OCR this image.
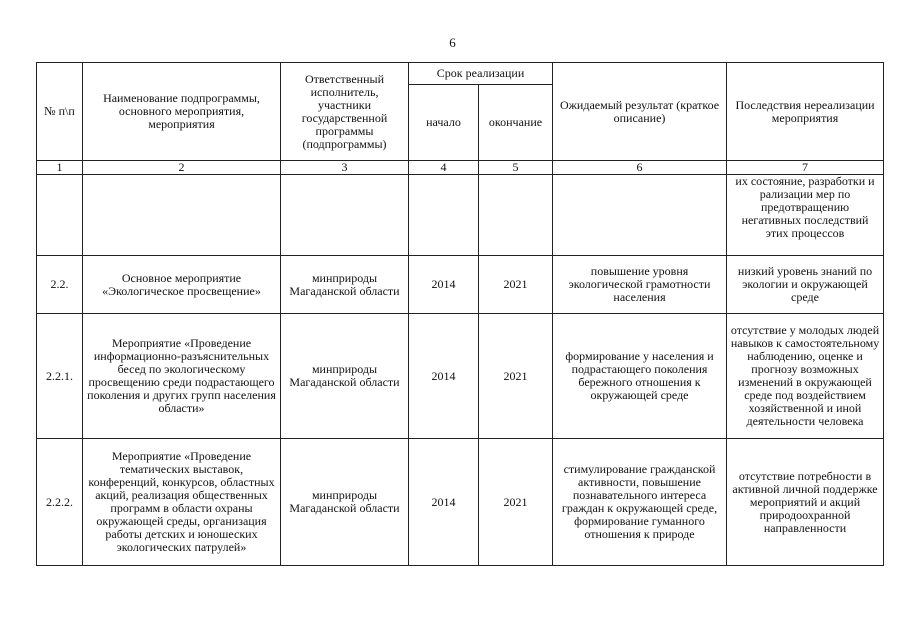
6
№ п\п	Наименование подпрограммы, основного мероприятия, мероприятия	Ответственный исполнитель, участники государственной программы (подпрограммы)	Срок реализации		Ожидаемый результат (краткое описание)	Последствия нереализации мероприятия
			начало	окончание		
1	2	3	4	5	6	7
						их состояние, разработки и рализации мер по предотвращению негативных последствий этих процессов
2.2.	Основное мероприятие «Экологическое просвещение»	минприроды Магаданской области	2014	2021	повышение уровня экологической грамотности населения	низкий уровень знаний по экологии и окружающей среде
2.2.1.	Мероприятие «Проведение информационно-разъяснительных бесед по экологическому просвещению среди подрастающего поколения и других групп населения области»	минприроды Магаданской области	2014	2021	формирование у населения и подрастающего поколения бережного отношения к окружающей среде	отсутствие у молодых людей навыков к самостоятельному наблюдению, оценке и прогнозу возможных изменений в окружающей среде под воздействием хозяйственной и иной деятельности человека
2.2.2.	Мероприятие «Проведение тематических выставок, конференций, конкурсов, областных акций, реализация общественных программ в области охраны окружающей среды, организация работы детских и юношеских экологических патрулей»	минприроды Магаданской области	2014	2021	стимулирование гражданской активности, повышение познавательного интереса граждан к окружающей среде, формирование гуманного отношения к природе	отсутствие потребности в активной личной поддержке мероприятий и акций природоохранной направленности
